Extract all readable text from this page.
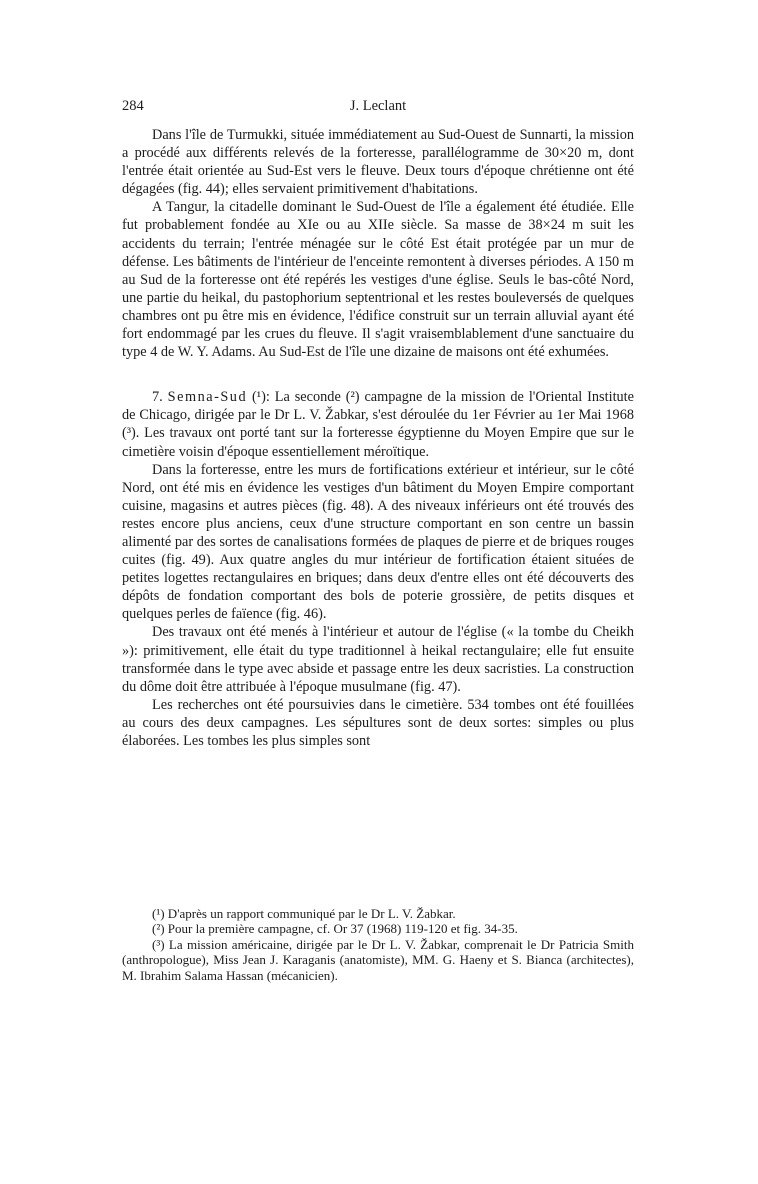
284	J. Leclant

Dans l'île de Turmukki, située immédiatement au Sud-Ouest de Sunnarti, la mission a procédé aux différents relevés de la forteresse, parallélogramme de 30×20 m, dont l'entrée était orientée au Sud-Est vers le fleuve. Deux tours d'époque chrétienne ont été dégagées (fig. 44); elles servaient primitivement d'habitations.

A Tangur, la citadelle dominant le Sud-Ouest de l'île a également été étudiée. Elle fut probablement fondée au XIe ou au XIIe siècle. Sa masse de 38×24 m suit les accidents du terrain; l'entrée ménagée sur le côté Est était protégée par un mur de défense. Les bâtiments de l'intérieur de l'enceinte remontent à diverses périodes. A 150 m au Sud de la forteresse ont été repérés les vestiges d'une église. Seuls le bas-côté Nord, une partie du heikal, du pastophorium septentrional et les restes bouleversés de quelques chambres ont pu être mis en évidence, l'édifice construit sur un terrain alluvial ayant été fort endommagé par les crues du fleuve. Il s'agit vraisemblablement d'une sanctuaire du type 4 de W. Y. Adams. Au Sud-Est de l'île une dizaine de maisons ont été exhumées.

7. Semna-Sud (¹): La seconde (²) campagne de la mission de l'Oriental Institute de Chicago, dirigée par le Dr L. V. Žabkar, s'est déroulée du 1er Février au 1er Mai 1968 (³). Les travaux ont porté tant sur la forteresse égyptienne du Moyen Empire que sur le cimetière voisin d'époque essentiellement méroïtique.

Dans la forteresse, entre les murs de fortifications extérieur et intérieur, sur le côté Nord, ont été mis en évidence les vestiges d'un bâtiment du Moyen Empire comportant cuisine, magasins et autres pièces (fig. 48). A des niveaux inférieurs ont été trouvés des restes encore plus anciens, ceux d'une structure comportant en son centre un bassin alimenté par des sortes de canalisations formées de plaques de pierre et de briques rouges cuites (fig. 49). Aux quatre angles du mur intérieur de fortification étaient situées de petites logettes rectangulaires en briques; dans deux d'entre elles ont été découverts des dépôts de fondation comportant des bols de poterie grossière, de petits disques et quelques perles de faïence (fig. 46).

Des travaux ont été menés à l'intérieur et autour de l'église (« la tombe du Cheikh »): primitivement, elle était du type traditionnel à heikal rectangulaire; elle fut ensuite transformée dans le type avec abside et passage entre les deux sacristies. La construction du dôme doit être attribuée à l'époque musulmane (fig. 47).

Les recherches ont été poursuivies dans le cimetière. 534 tombes ont été fouillées au cours des deux campagnes. Les sépultures sont de deux sortes: simples ou plus élaborées. Les tombes les plus simples sont

(¹) D'après un rapport communiqué par le Dr L. V. Žabkar.

(²) Pour la première campagne, cf. Or 37 (1968) 119-120 et fig. 34-35.

(³) La mission américaine, dirigée par le Dr L. V. Žabkar, comprenait le Dr Patricia Smith (anthropologue), Miss Jean J. Karaganis (anatomiste), MM. G. Haeny et S. Bianca (architectes), M. Ibrahim Salama Hassan (mécanicien).
